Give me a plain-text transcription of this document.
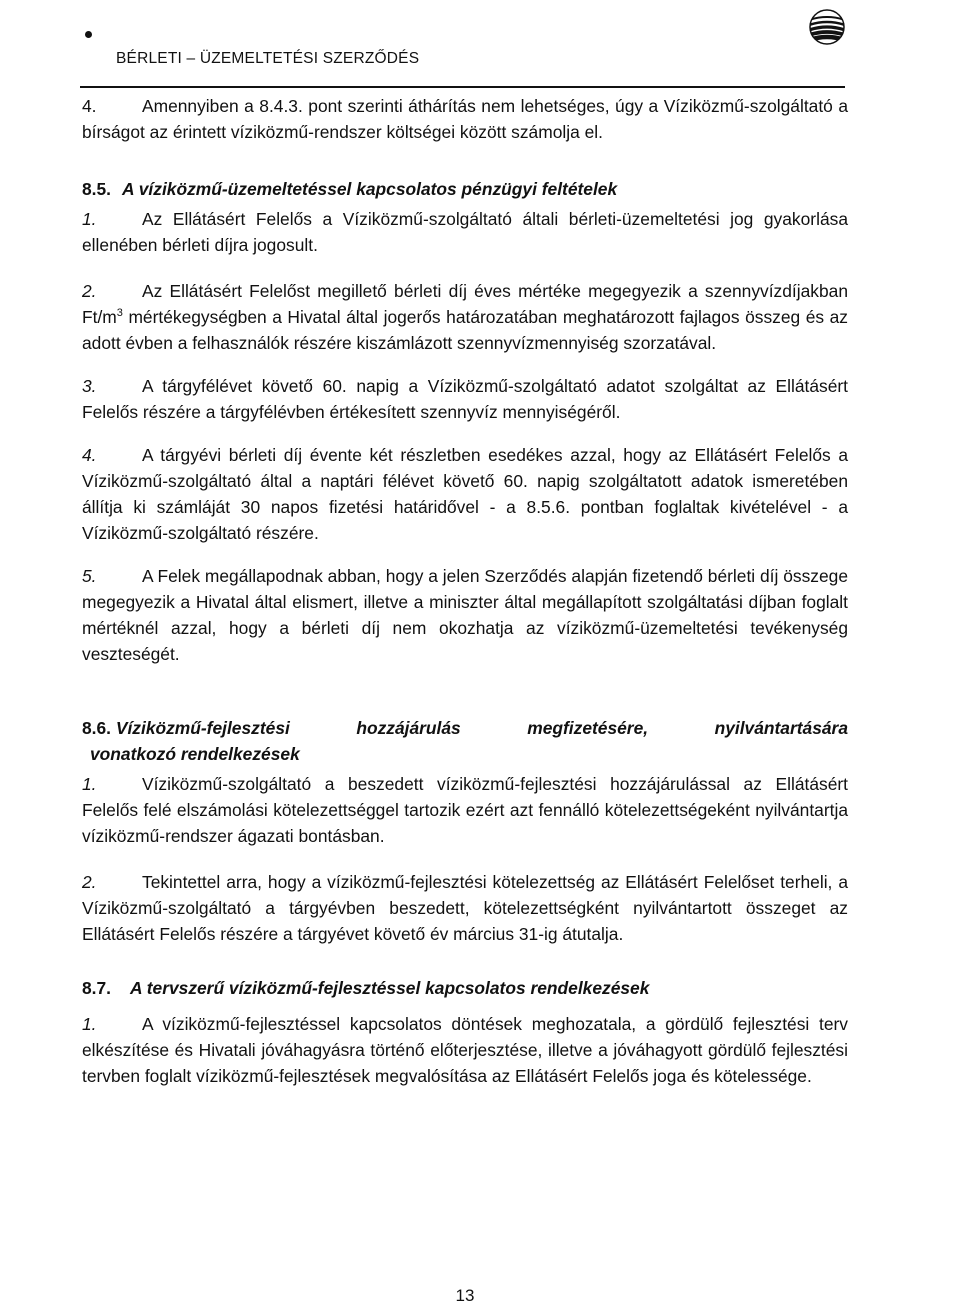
BÉRLETI – ÜZEMELTETÉSI SZERZŐDÉS

4.	Amennyiben a 8.4.3. pont szerinti áthárítás nem lehetséges, úgy a Víziközmű-szolgáltató a bírságot az érintett víziközmű-rendszer költségei között számolja el.

8.5. A víziközmű-üzemeltetéssel kapcsolatos pénzügyi feltételek

1.	Az Ellátásért Felelős a Víziközmű-szolgáltató általi bérleti-üzemeltetési jog gyakorlása ellenében bérleti díjra jogosult.

2.	Az Ellátásért Felelőst megillető bérleti díj éves mértéke megegyezik a szennyvízdíjakban $Ft/m^3$ mértékegységben a Hivatal által jogerős határozatában meghatározott fajlagos összeg és az adott évben a felhasználók részére kiszámlázott szennyvízmennyiség szorzatával.

3.	A tárgyfélévet követő 60. napig a Víziközmű-szolgáltató adatot szolgáltat az Ellátásért Felelős részére a tárgyfélévben értékesített szennyvíz mennyiségéről.

4.	A tárgyévi bérleti díj évente két részletben esedékes azzal, hogy az Ellátásért Felelős a Víziközmű-szolgáltató által a naptári félévet követő 60. napig szolgáltatott adatok ismeretében állítja ki számláját 30 napos fizetési határidővel - a 8.5.6. pontban foglaltak kivételével - a Víziközmű-szolgáltató részére.

5.	A Felek megállapodnak abban, hogy a jelen Szerződés alapján fizetendő bérleti díj összege megegyezik a Hivatal által elismert, illetve a miniszter által megállapított szolgáltatási díjban foglalt mértéknél azzal, hogy a bérleti díj nem okozhatja az víziközmű-üzemeltetési tevékenység veszteségét.

8.6. Víziközmű-fejlesztési	hozzájárulás	megfizetésére,	nyilvántartására
vonatkozó rendelkezések

1.	Víziközmű-szolgáltató a beszedett víziközmű-fejlesztési hozzájárulással az Ellátásért Felelős felé elszámolási kötelezettséggel tartozik ezért azt fennálló kötelezettségeként nyilvántartja víziközmű-rendszer ágazati bontásban.

2.	Tekintettel arra, hogy a víziközmű-fejlesztési kötelezettség az Ellátásért Felelőset terheli, a Víziközmű-szolgáltató a tárgyévben beszedett, kötelezettségként nyilvántartott összeget az Ellátásért Felelős részére a tárgyévet követő év március 31-ig átutalja.

8.7.	A tervszerű víziközmű-fejlesztéssel kapcsolatos rendelkezések

1.	A víziközmű-fejlesztéssel kapcsolatos döntések meghozatala, a gördülő fejlesztési terv elkészítése és Hivatali jóváhagyásra történő előterjesztése, illetve a jóváhagyott gördülő fejlesztési tervben foglalt víziközmű-fejlesztések megvalósítása az Ellátásért Felelős joga és kötelessége.

13
